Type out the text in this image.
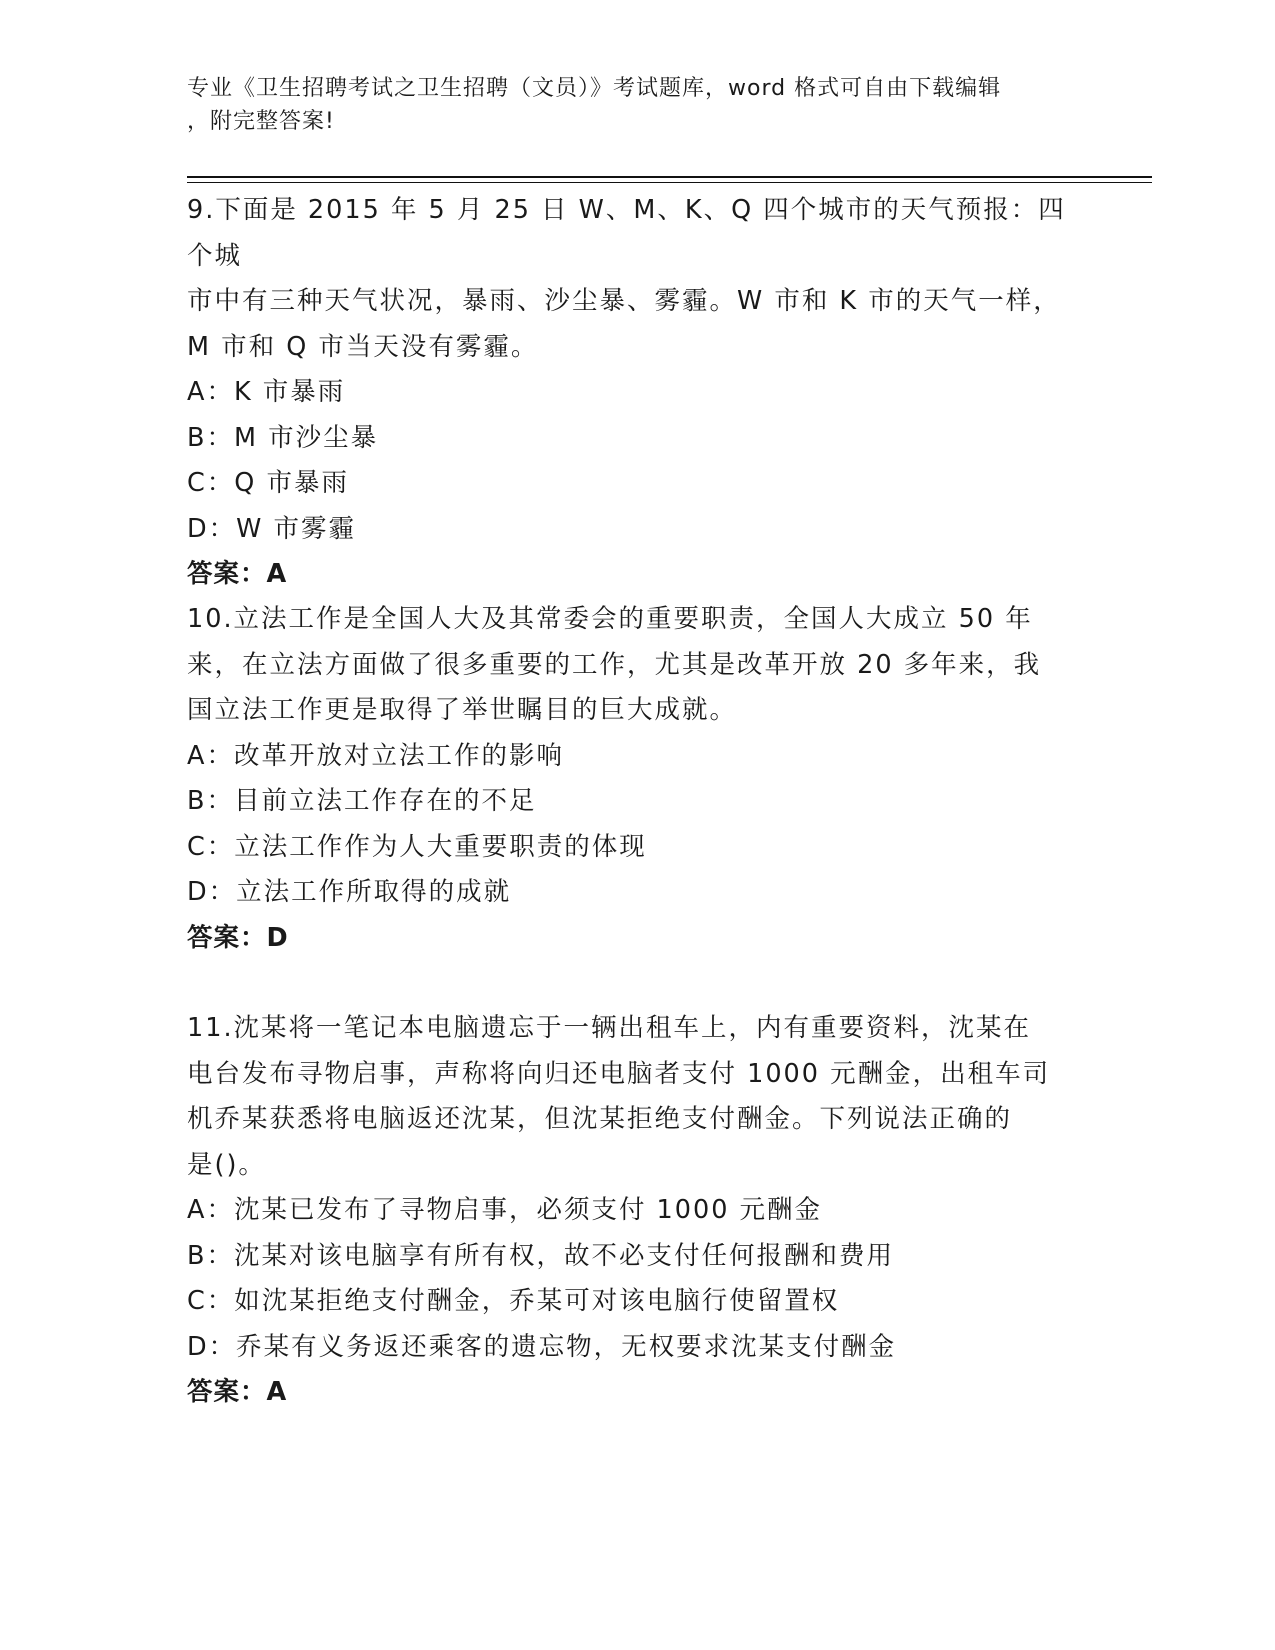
专业《卫生招聘考试之卫生招聘（文员）》考试题库，word 格式可自由下载编辑
，附完整答案!
9.下面是 2015 年 5 月 25 日 W、M、K、Q 四个城市的天气预报：四个城
市中有三种天气状况，暴雨、沙尘暴、雾霾。W 市和 K 市的天气一样，
M 市和 Q 市当天没有雾霾。
A：K 市暴雨
B：M 市沙尘暴
C：Q 市暴雨
D：W 市雾霾
答案：A
10.立法工作是全国人大及其常委会的重要职责，全国人大成立 50 年
来，在立法方面做了很多重要的工作，尤其是改革开放 20 多年来，我
国立法工作更是取得了举世瞩目的巨大成就。
A：改革开放对立法工作的影响
B：目前立法工作存在的不足
C：立法工作作为人大重要职责的体现
D：立法工作所取得的成就
答案：D
11.沈某将一笔记本电脑遗忘于一辆出租车上，内有重要资料，沈某在
电台发布寻物启事，声称将向归还电脑者支付 1000 元酬金，出租车司
机乔某获悉将电脑返还沈某，但沈某拒绝支付酬金。下列说法正确的
是()。
A：沈某已发布了寻物启事，必须支付 1000 元酬金
B：沈某对该电脑享有所有权，故不必支付任何报酬和费用
C：如沈某拒绝支付酬金，乔某可对该电脑行使留置权
D：乔某有义务返还乘客的遗忘物，无权要求沈某支付酬金
答案：A
